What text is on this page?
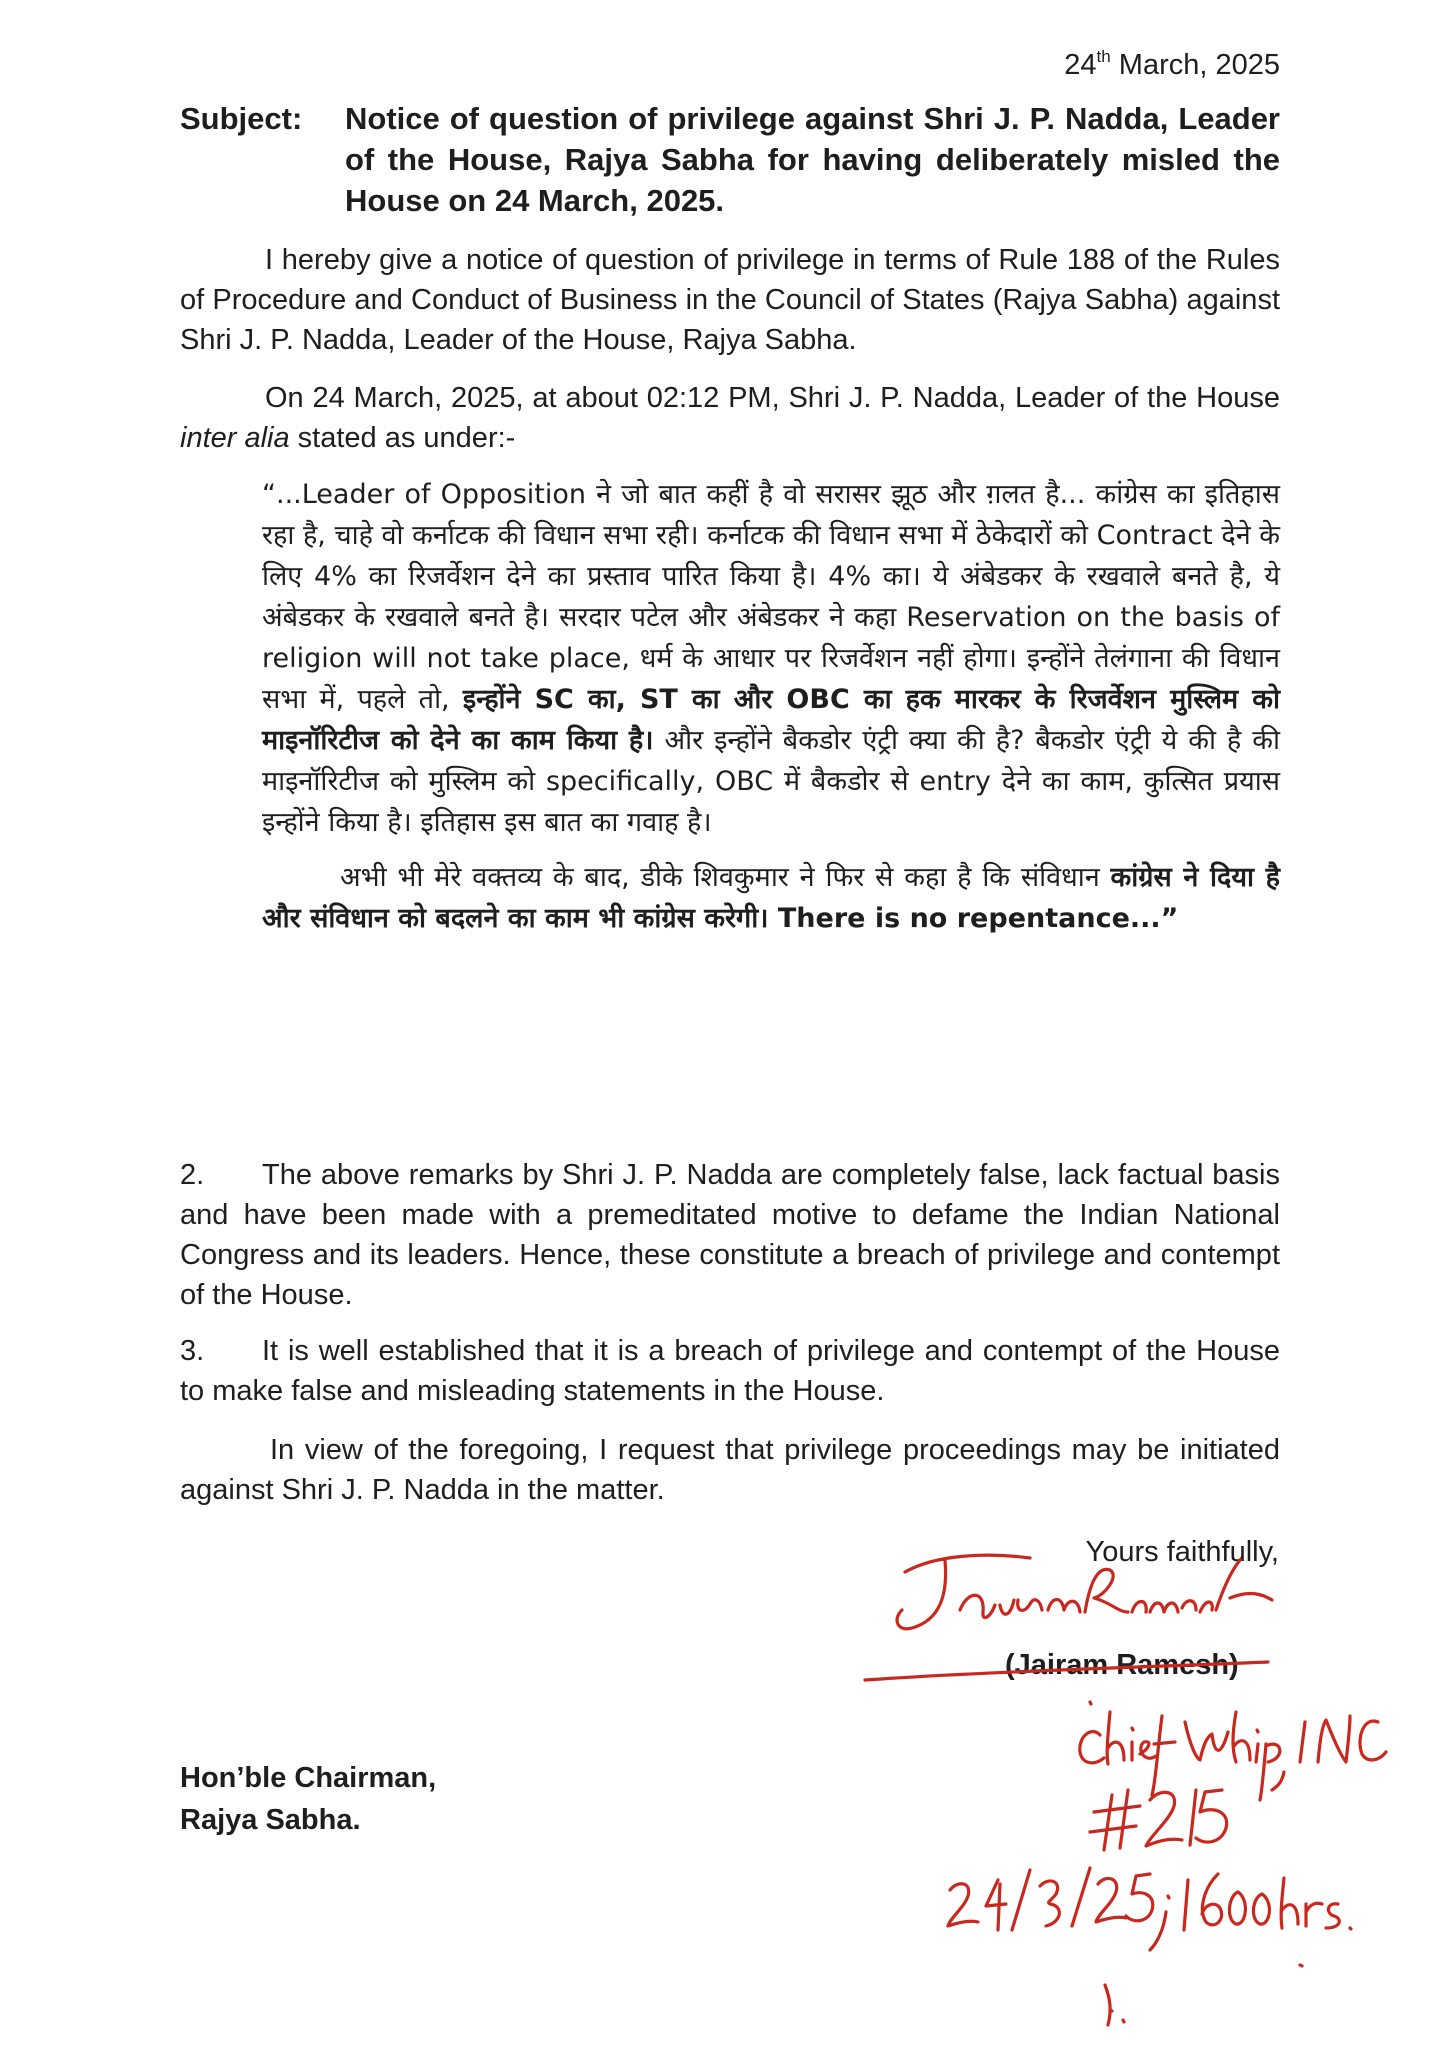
24th March, 2025
Subject:	Notice of question of privilege against Shri J. P. Nadda, Leader of the House, Rajya Sabha for having deliberately misled the House on 24 March, 2025.
I hereby give a notice of question of privilege in terms of Rule 188 of the Rules of Procedure and Conduct of Business in the Council of States (Rajya Sabha) against Shri J. P. Nadda, Leader of the House, Rajya Sabha.
On 24 March, 2025, at about 02:12 PM, Shri J. P. Nadda, Leader of the House inter alia stated as under:-

“...Leader of Opposition ने जो बात कहीं है वो सरासर झूठ और ग़लत है... कांग्रेस का इतिहास रहा है, चाहे वो कर्नाटक की विधान सभा रही। कर्नाटक की विधान सभा में ठेकेदारों को Contract देने के लिए 4% का रिजर्वेशन देने का प्रस्ताव पारित किया है। 4% का। ये अंबेडकर के रखवाले बनते है, ये अंबेडकर के रखवाले बनते है। सरदार पटेल और अंबेडकर ने कहा Reservation on the basis of religion will not take place, धर्म के आधार पर रिजर्वेशन नहीं होगा। इन्होंने तेलंगाना की विधान सभा में, पहले तो, इन्होंने SC का, ST का और OBC का हक मारकर के रिजर्वेशन मुस्लिम को माइनॉरिटीज को देने का काम किया है। और इन्होंने बैकडोर एंट्री क्या की है? बैकडोर एंट्री ये की है की माइनॉरिटीज को मुस्लिम को specifically, OBC में बैकडोर से entry देने का काम, कुत्सित प्रयास इन्होंने किया है। इतिहास इस बात का गवाह है।

अभी भी मेरे वक्तव्य के बाद, डीके शिवकुमार ने फिर से कहा है कि संविधान कांग्रेस ने दिया है और संविधान को बदलने का काम भी कांग्रेस करेगी। There is no repentance...”

2. The above remarks by Shri J. P. Nadda are completely false, lack factual basis and have been made with a premeditated motive to defame the Indian National Congress and its leaders. Hence, these constitute a breach of privilege and contempt of the House.
3. It is well established that it is a breach of privilege and contempt of the House to make false and misleading statements in the House.
In view of the foregoing, I request that privilege proceedings may be initiated against Shri J. P. Nadda in the matter.
Yours faithfully,
(Jairam Ramesh)
Hon’ble Chairman,
Rajya Sabha.
